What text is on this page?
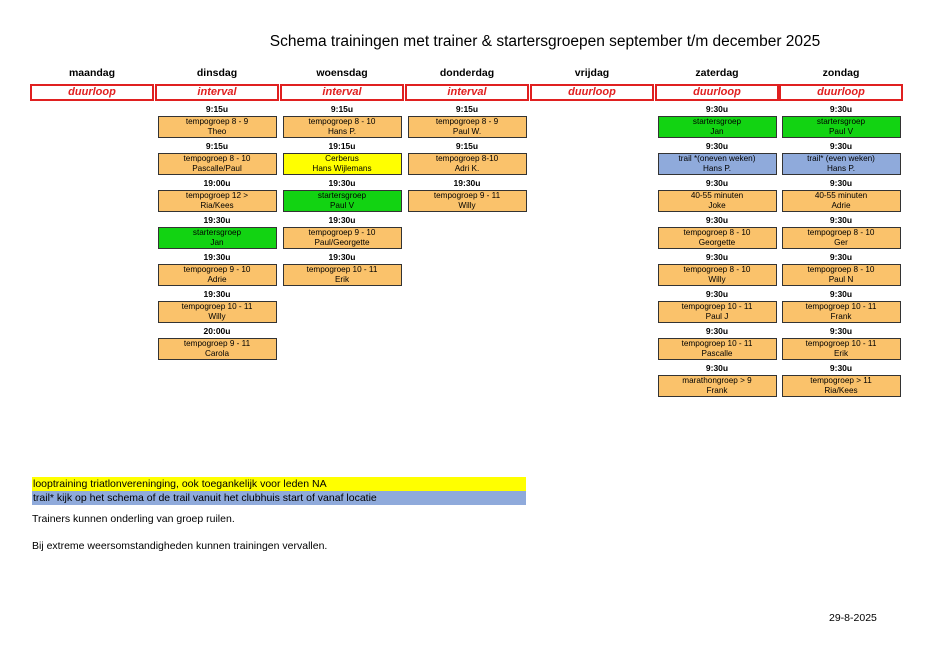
Schema trainingen met trainer & startersgroepen september t/m december 2025
maandag
duurloop
dinsdag
interval
9:15u
tempogroep 8 - 9
Theo
9:15u
tempogroep 8 - 10
Pascalle/Paul
19:00u
tempogroep 12 >
Ria/Kees
19:30u
startersgroep
Jan
19:30u
tempogroep 9 - 10
Adrie
19:30u
tempogroep 10 - 11
Willy
20:00u
tempogroep 9 - 11
Carola
woensdag
interval
9:15u
tempogroep 8 - 10
Hans P.
19:15u
Cerberus
Hans Wijlemans
19:30u
startersgroep
Paul V
19:30u
tempogroep 9 - 10
Paul/Georgette
19:30u
tempogroep 10 - 11
Erik
donderdag
interval
9:15u
tempogroep 8 - 9
Paul W.
9:15u
tempogroep 8-10
Adri K.
19:30u
tempogroep 9 - 11
Willy
vrijdag
duurloop
zaterdag
duurloop
9:30u
startersgroep
Jan
9:30u
trail *(oneven weken)
Hans P.
9:30u
40-55 minuten
Joke
9:30u
tempogroep 8 - 10
Georgette
9:30u
tempogroep 8 - 10
Willy
9:30u
tempogroep 10 - 11
Paul J
9:30u
tempogroep 10 - 11
Pascalle
9:30u
marathongroep > 9
Frank
zondag
duurloop
9:30u
startersgroep
Paul V
9:30u
trail* (even weken)
Hans P.
9:30u
40-55 minuten
Adrie
9:30u
tempogroep 8 - 10
Ger
9:30u
tempogroep 8 - 10
Paul N
9:30u
tempogroep 10 - 11
Frank
9:30u
tempogroep 10 - 11
Erik
9:30u
tempogroep > 11
Ria/Kees
looptraining triatlonvereninging, ook toegankelijk voor leden NA
trail* kijk op het schema of de trail vanuit het clubhuis start of vanaf locatie
Trainers kunnen onderling van groep ruilen.
Bij extreme weersomstandigheden kunnen trainingen vervallen.
29-8-2025
